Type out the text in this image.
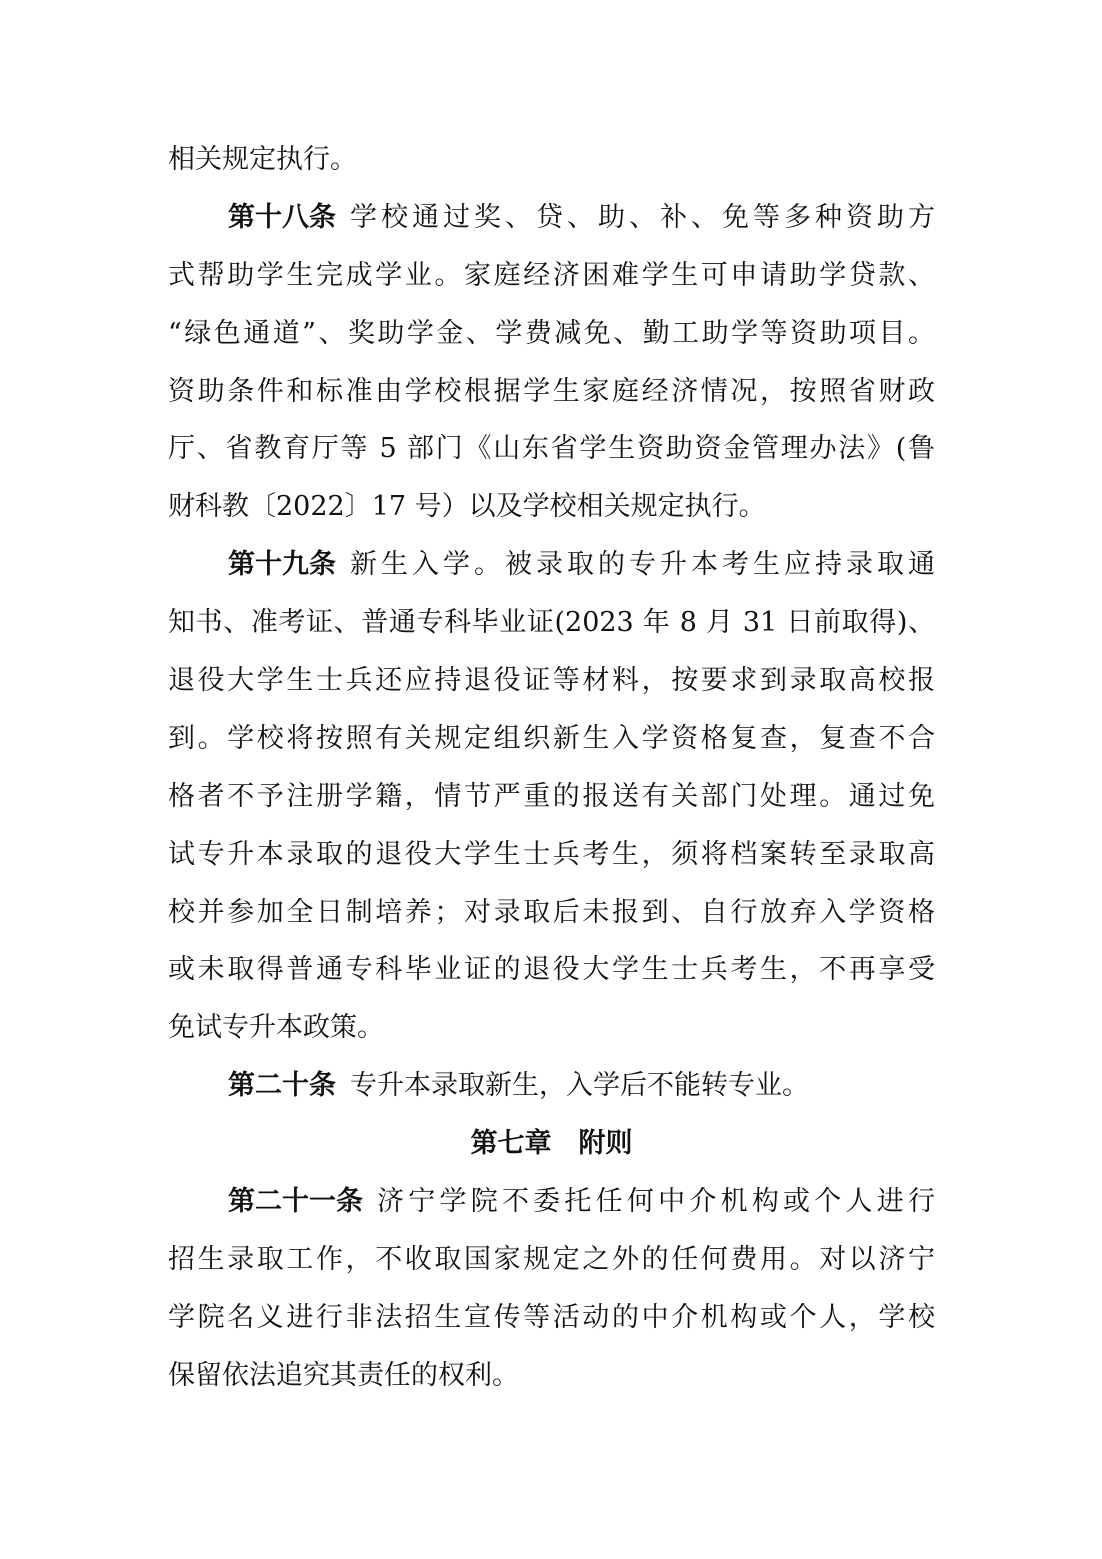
相关规定执行。
第十八条 学校通过奖、贷、助、补、免等多种资助方
式帮助学生完成学业。家庭经济困难学生可申请助学贷款、
“绿色通道”、奖助学金、学费减免、勤工助学等资助项目。
资助条件和标准由学校根据学生家庭经济情况，按照省财政
厅、省教育厅等 5 部门《山东省学生资助资金管理办法》(鲁
财科教〔2022〕17 号）以及学校相关规定执行。
第十九条 新生入学。被录取的专升本考生应持录取通
知书、准考证、普通专科毕业证(2023 年 8 月 31 日前取得)、
退役大学生士兵还应持退役证等材料，按要求到录取高校报
到。学校将按照有关规定组织新生入学资格复查，复查不合
格者不予注册学籍，情节严重的报送有关部门处理。通过免
试专升本录取的退役大学生士兵考生，须将档案转至录取高
校并参加全日制培养；对录取后未报到、自行放弃入学资格
或未取得普通专科毕业证的退役大学生士兵考生，不再享受
免试专升本政策。
第二十条 专升本录取新生，入学后不能转专业。
第七章　附则
第二十一条 济宁学院不委托任何中介机构或个人进行
招生录取工作，不收取国家规定之外的任何费用。对以济宁
学院名义进行非法招生宣传等活动的中介机构或个人，学校
保留依法追究其责任的权利。
